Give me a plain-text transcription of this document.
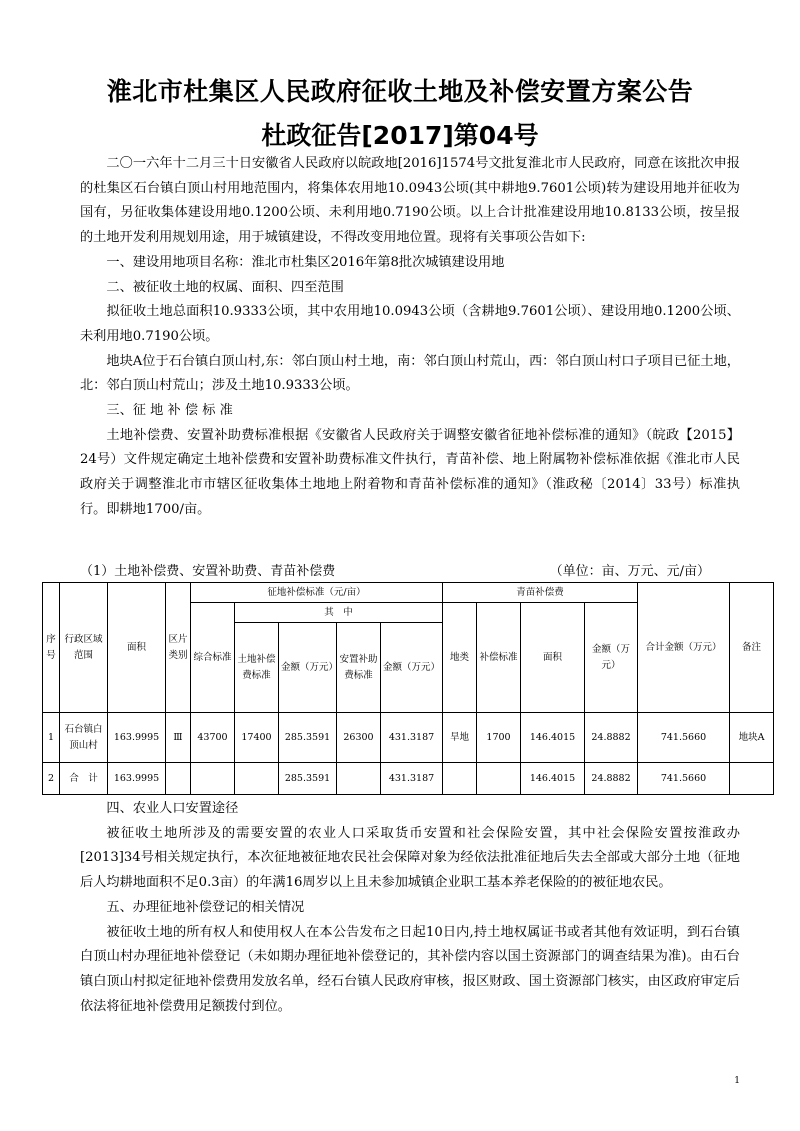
淮北市杜集区人民政府征收土地及补偿安置方案公告
杜政征告[2017]第04号

二〇一六年十二月三十日安徽省人民政府以皖政地[2016]1574号文批复淮北市人民政府，同意在该批次申报的杜集区石台镇白顶山村用地范围内，将集体农用地10.0943公顷(其中耕地9.7601公顷)转为建设用地并征收为国有，另征收集体建设用地0.1200公顷、未利用地0.7190公顷。以上合计批准建设用地10.8133公顷，按呈报的土地开发利用规划用途，用于城镇建设，不得改变用地位置。现将有关事项公告如下:

一、建设用地项目名称：淮北市杜集区2016年第8批次城镇建设用地

二、被征收土地的权属、面积、四至范围

拟征收土地总面积10.9333公顷，其中农用地10.0943公顷（含耕地9.7601公顷）、建设用地0.1200公顷、未利用地0.7190公顷。

地块A位于石台镇白顶山村,东：邻白顶山村土地，南：邻白顶山村荒山，西：邻白顶山村口子项目已征土地，北：邻白顶山村荒山；涉及土地10.9333公顷。

三、征 地 补 偿 标 准

土地补偿费、安置补助费标准根据《安徽省人民政府关于调整安徽省征地补偿标准的通知》（皖政【2015】24号）文件规定确定土地补偿费和安置补助费标准文件执行，青苗补偿、地上附属物补偿标准依据《淮北市人民政府关于调整淮北市市辖区征收集体土地地上附着物和青苗补偿标准的通知》（淮政秘〔2014〕33号）标准执行。即耕地1700/亩。

（1）土地补偿费、安置补助费、青苗补偿费	（单位：亩、万元、元/亩）
序号	行政区域范围	面积	区片类别	征地补偿标准（元/亩）					青苗补偿费				合计金额（万元）	备注
				综合标准	其　中				地类	补偿标准	面积	金额（万元）		
					土地补偿费标准	金额（万元）	安置补助费标准	金额（万元）						
1	石台镇白顶山村	163.9995	Ⅲ	43700	17400	285.3591	26300	431.3187	旱地	1700	146.4015	24.8882	741.5660	地块A
2	合　计	163.9995				285.3591		431.3187			146.4015	24.8882	741.5660	

四、农业人口安置途径

被征收土地所涉及的需要安置的农业人口采取货币安置和社会保险安置，其中社会保险安置按淮政办[2013]34号相关规定执行，本次征地被征地农民社会保障对象为经依法批准征地后失去全部或大部分土地（征地后人均耕地面积不足0.3亩）的年满16周岁以上且未参加城镇企业职工基本养老保险的的被征地农民。

五、办理征地补偿登记的相关情况

被征收土地的所有权人和使用权人在本公告发布之日起10日内,持土地权属证书或者其他有效证明，到石台镇白顶山村办理征地补偿登记（未如期办理征地补偿登记的，其补偿内容以国土资源部门的调查结果为准)。由石台镇白顶山村拟定征地补偿费用发放名单，经石台镇人民政府审核，报区财政、国土资源部门核实，由区政府审定后依法将征地补偿费用足额拨付到位。

1
